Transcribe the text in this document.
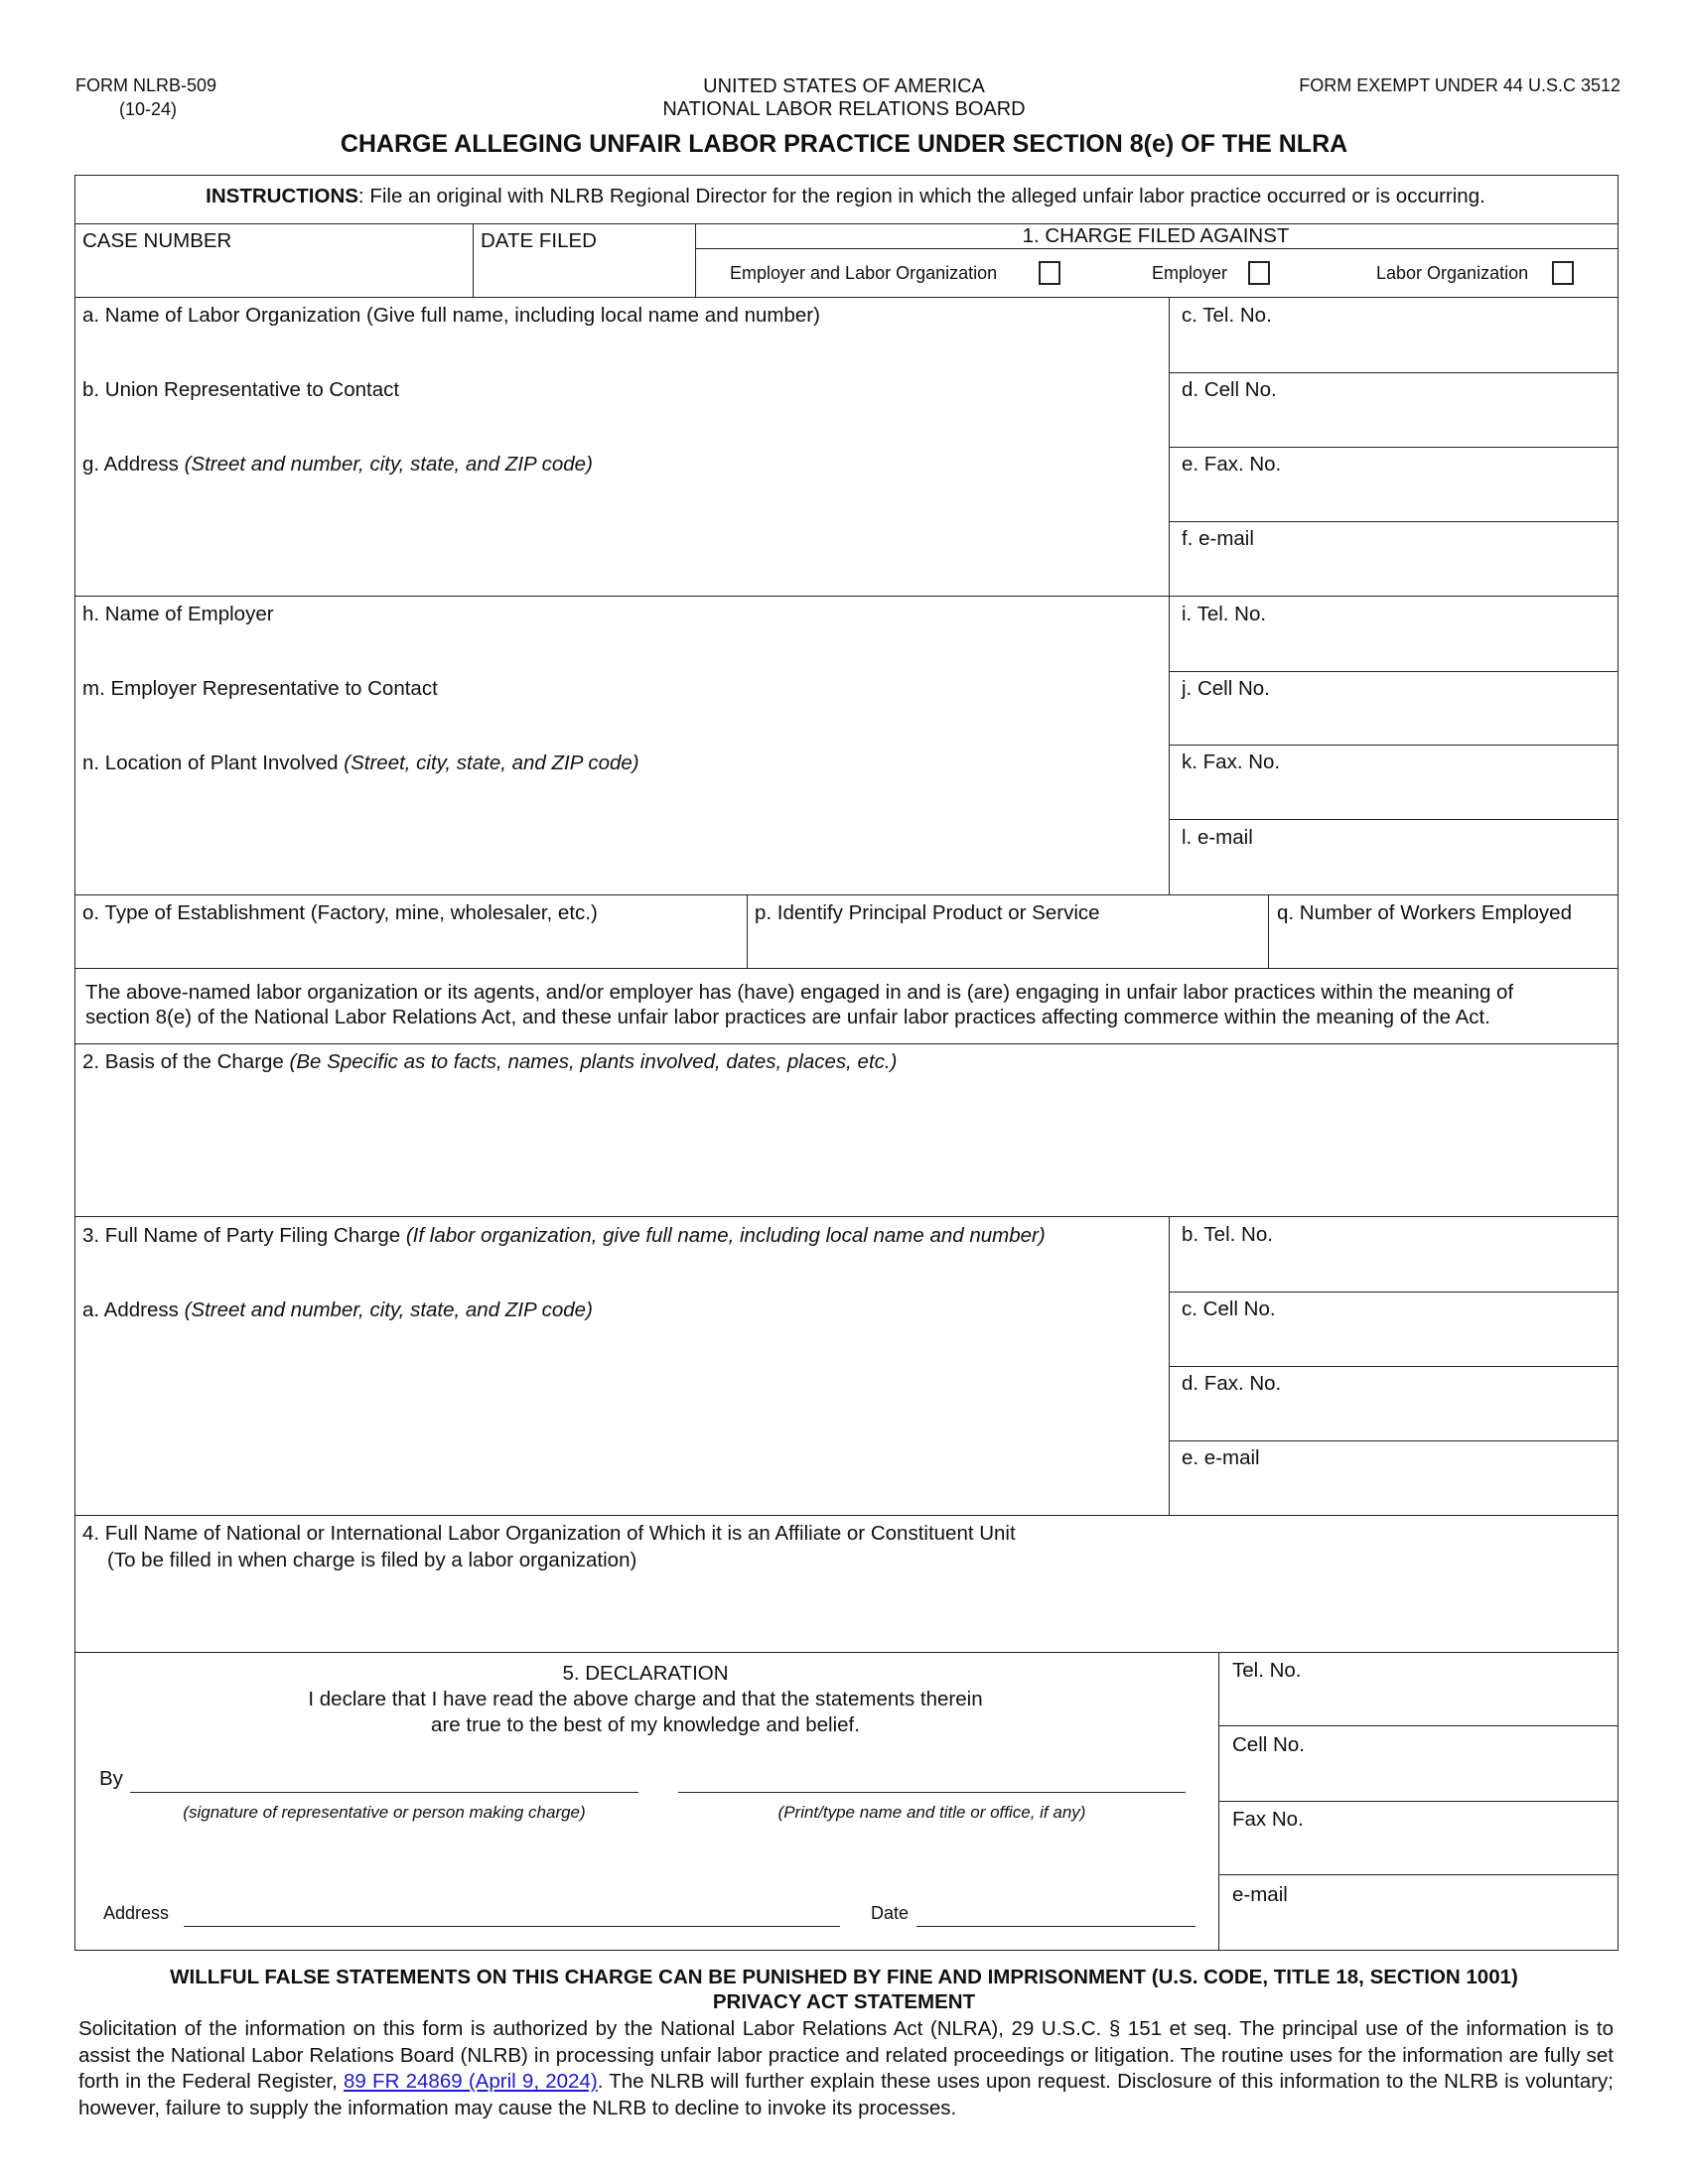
FORM NLRB-509
(10-24)
UNITED STATES OF AMERICA
NATIONAL LABOR RELATIONS BOARD
FORM EXEMPT UNDER 44 U.S.C 3512
CHARGE ALLEGING UNFAIR LABOR PRACTICE UNDER SECTION 8(e) OF THE NLRA
INSTRUCTIONS: File an original with NLRB Regional Director for the region in which the alleged unfair labor practice occurred or is occurring.
CASE NUMBER	DATE FILED	1. CHARGE FILED AGAINST
Employer and Labor Organization	Employer	Labor Organization
a. Name of Labor Organization (Give full name, including local name and number)
b. Union Representative to Contact
g. Address (Street and number, city, state, and ZIP code)
c. Tel. No.
d. Cell No.
e. Fax. No.
f. e-mail
h. Name of Employer
m. Employer Representative to Contact
n. Location of Plant Involved (Street, city, state, and ZIP code)
i. Tel. No.
j. Cell No.
k. Fax. No.
l. e-mail
o. Type of Establishment (Factory, mine, wholesaler, etc.)	p. Identify Principal Product or Service	q. Number of Workers Employed
The above-named labor organization or its agents, and/or employer has (have) engaged in and is (are) engaging in unfair labor practices within the meaning of
section 8(e) of the National Labor Relations Act, and these unfair labor practices are unfair labor practices affecting commerce within the meaning of the Act.
2. Basis of the Charge (Be Specific as to facts, names, plants involved, dates, places, etc.)
3. Full Name of Party Filing Charge (If labor organization, give full name, including local name and number)
a. Address (Street and number, city, state, and ZIP code)
b. Tel. No.
c. Cell No.
d. Fax. No.
e. e-mail
4. Full Name of National or International Labor Organization of Which it is an Affiliate or Constituent Unit
(To be filled in when charge is filed by a labor organization)
5. DECLARATION
I declare that I have read the above charge and that the statements therein
are true to the best of my knowledge and belief.
By
(signature of representative or person making charge)	(Print/type name and title or office, if any)
Address	Date
Tel. No.
Cell No.
Fax No.
e-mail
WILLFUL FALSE STATEMENTS ON THIS CHARGE CAN BE PUNISHED BY FINE AND IMPRISONMENT (U.S. CODE, TITLE 18, SECTION 1001)
PRIVACY ACT STATEMENT
Solicitation of the information on this form is authorized by the National Labor Relations Act (NLRA), 29 U.S.C. § 151 et seq. The principal use of the information is to assist the National Labor Relations Board (NLRB) in processing unfair labor practice and related proceedings or litigation. The routine uses for the information are fully set forth in the Federal Register, 89 FR 24869 (April 9, 2024). The NLRB will further explain these uses upon request. Disclosure of this information to the NLRB is voluntary; however, failure to supply the information may cause the NLRB to decline to invoke its processes.
